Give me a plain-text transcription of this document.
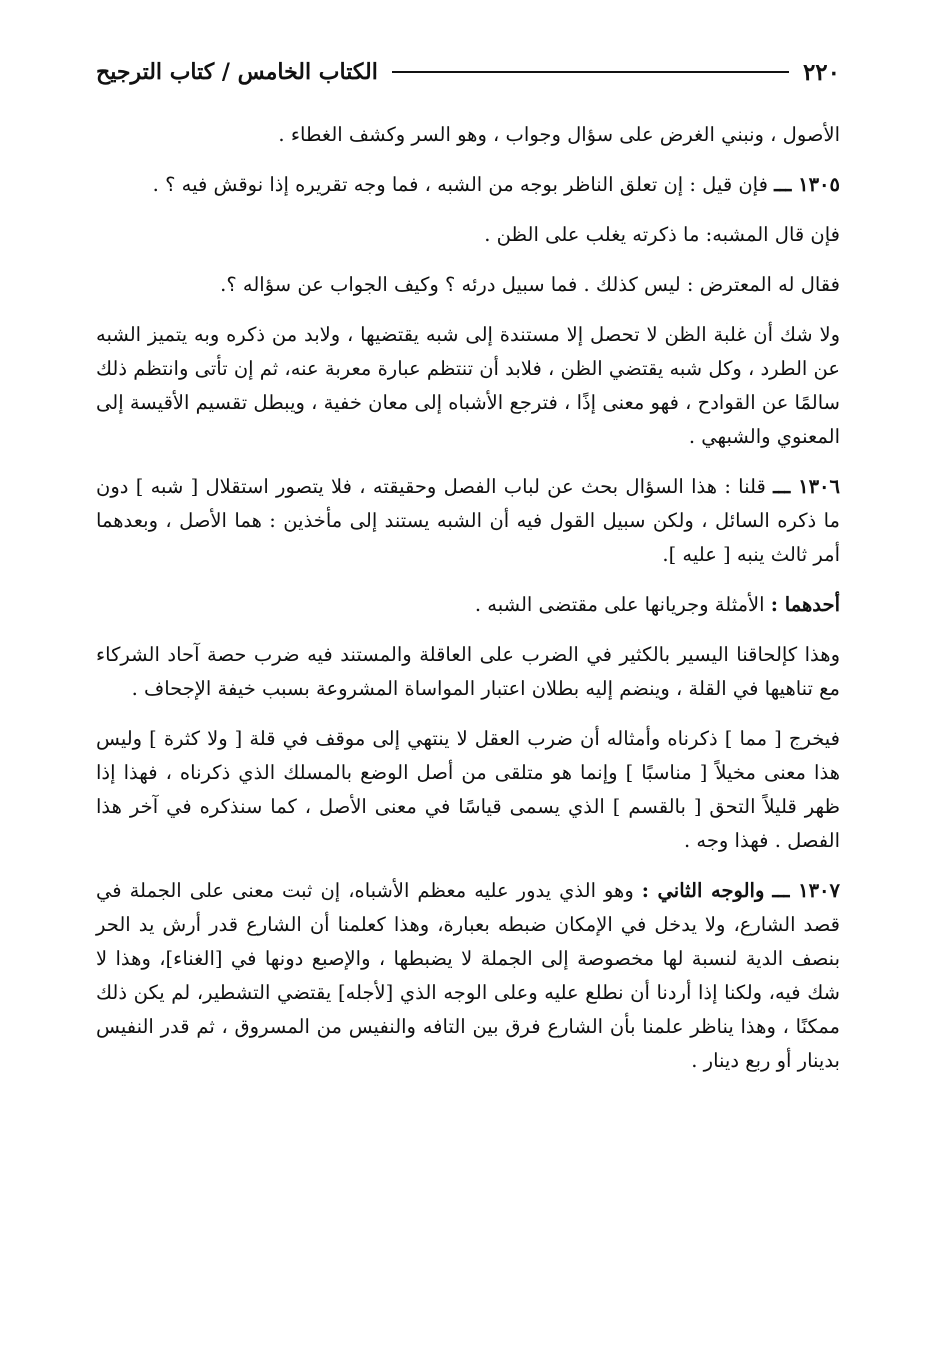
٢٢٠
الكتاب الخامس / كتاب الترجيح

الأصول ، ونبني الغرض على سؤال وجواب ، وهو السر وكشف الغطاء .

١٣٠٥ ـــ فإن قيل : إن تعلق الناظر بوجه من الشبه ، فما وجه تقريره إذا نوقش فيه ؟ .

فإن قال المشبه: ما ذكرته يغلب على الظن .

فقال له المعترض : ليس كذلك . فما سبيل درئه ؟ وكيف الجواب عن سؤاله ؟.

ولا شك أن غلبة الظن لا تحصل إلا مستندة إلى شبه يقتضيها ، ولابد من ذكره وبه يتميز الشبه عن الطرد ، وكل شبه يقتضي الظن ، فلابد أن تنتظم عبارة معربة عنه، ثم إن تأتى وانتظم ذلك سالمًا عن القوادح ، فهو معنى إذًا ، فترجع الأشباه إلى معان خفية ، ويبطل تقسيم الأقيسة إلى المعنوي والشبهي .

١٣٠٦ ـــ قلنا : هذا السؤال بحث عن لباب الفصل وحقيقته ، فلا يتصور استقلال [ شبه ] دون ما ذكره السائل ، ولكن سبيل القول فيه أن الشبه يستند إلى مأخذين : هما الأصل ، وبعدهما أمر ثالث ينبه [ عليه ].

أحدهما : الأمثلة وجريانها على مقتضى الشبه .

وهذا كإلحاقنا اليسير بالكثير في الضرب على العاقلة والمستند فيه ضرب حصة آحاد الشركاء مع تناهيها في القلة ، وينضم إليه بطلان اعتبار المواساة المشروعة بسبب خيفة الإجحاف .

فيخرج [ مما ] ذكرناه وأمثاله أن ضرب العقل لا ينتهي إلى موقف في قلة [ ولا كثرة ] وليس هذا معنى مخيلاً [ مناسبًا ] وإنما هو متلقى من أصل الوضع بالمسلك الذي ذكرناه ، فهذا إذا ظهر قليلاً التحق [ بالقسم ] الذي يسمى قياسًا في معنى الأصل ، كما سنذكره في آخر هذا الفصل . فهذا وجه .

١٣٠٧ ـــ والوجه الثاني : وهو الذي يدور عليه معظم الأشباه، إن ثبت معنى على الجملة في قصد الشارع، ولا يدخل في الإمكان ضبطه بعبارة، وهذا كعلمنا أن الشارع قدر أرش يد الحر بنصف الدية لنسبة لها مخصوصة إلى الجملة لا يضبطها ، والإصبع دونها في [الغناء]، وهذا لا شك فيه، ولكنا إذا أردنا أن نطلع عليه وعلى الوجه الذي [لأجله] يقتضي التشطير، لم يكن ذلك ممكنًا ، وهذا يناظر علمنا بأن الشارع فرق بين التافه والنفيس من المسروق ، ثم قدر النفيس بدينار أو ربع دينار .
